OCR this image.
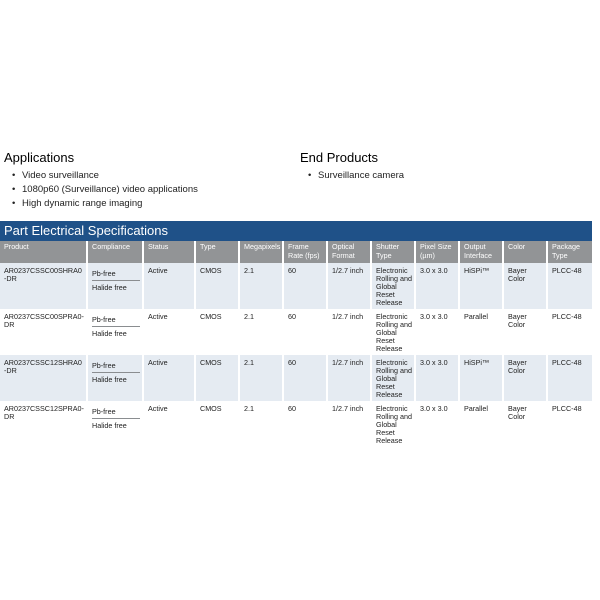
Applications
• Video surveillance
• 1080p60 (Surveillance) video applications
• High dynamic range imaging
End Products
• Surveillance camera
Part Electrical Specifications
Product	Compliance	Status	Type	Megapixels	Frame Rate (fps)	Optical Format	Shutter Type	Pixel Size (µm)	Output Interface	Color	Package Type
AR0237CSSC00SHRA0-DR	Pb-free
Halide free	Active	CMOS	2.1	60	1/2.7 inch	Electronic Rolling and Global Reset Release	3.0 x 3.0	HiSPi™	Bayer Color	PLCC-48
AR0237CSSC00SPRA0-DR	Pb-free
Halide free	Active	CMOS	2.1	60	1/2.7 inch	Electronic Rolling and Global Reset Release	3.0 x 3.0	Parallel	Bayer Color	PLCC-48
AR0237CSSC12SHRA0-DR	Pb-free
Halide free	Active	CMOS	2.1	60	1/2.7 inch	Electronic Rolling and Global Reset Release	3.0 x 3.0	HiSPi™	Bayer Color	PLCC-48
AR0237CSSC12SPRA0-DR	Pb-free
Halide free	Active	CMOS	2.1	60	1/2.7 inch	Electronic Rolling and Global Reset Release	3.0 x 3.0	Parallel	Bayer Color	PLCC-48
